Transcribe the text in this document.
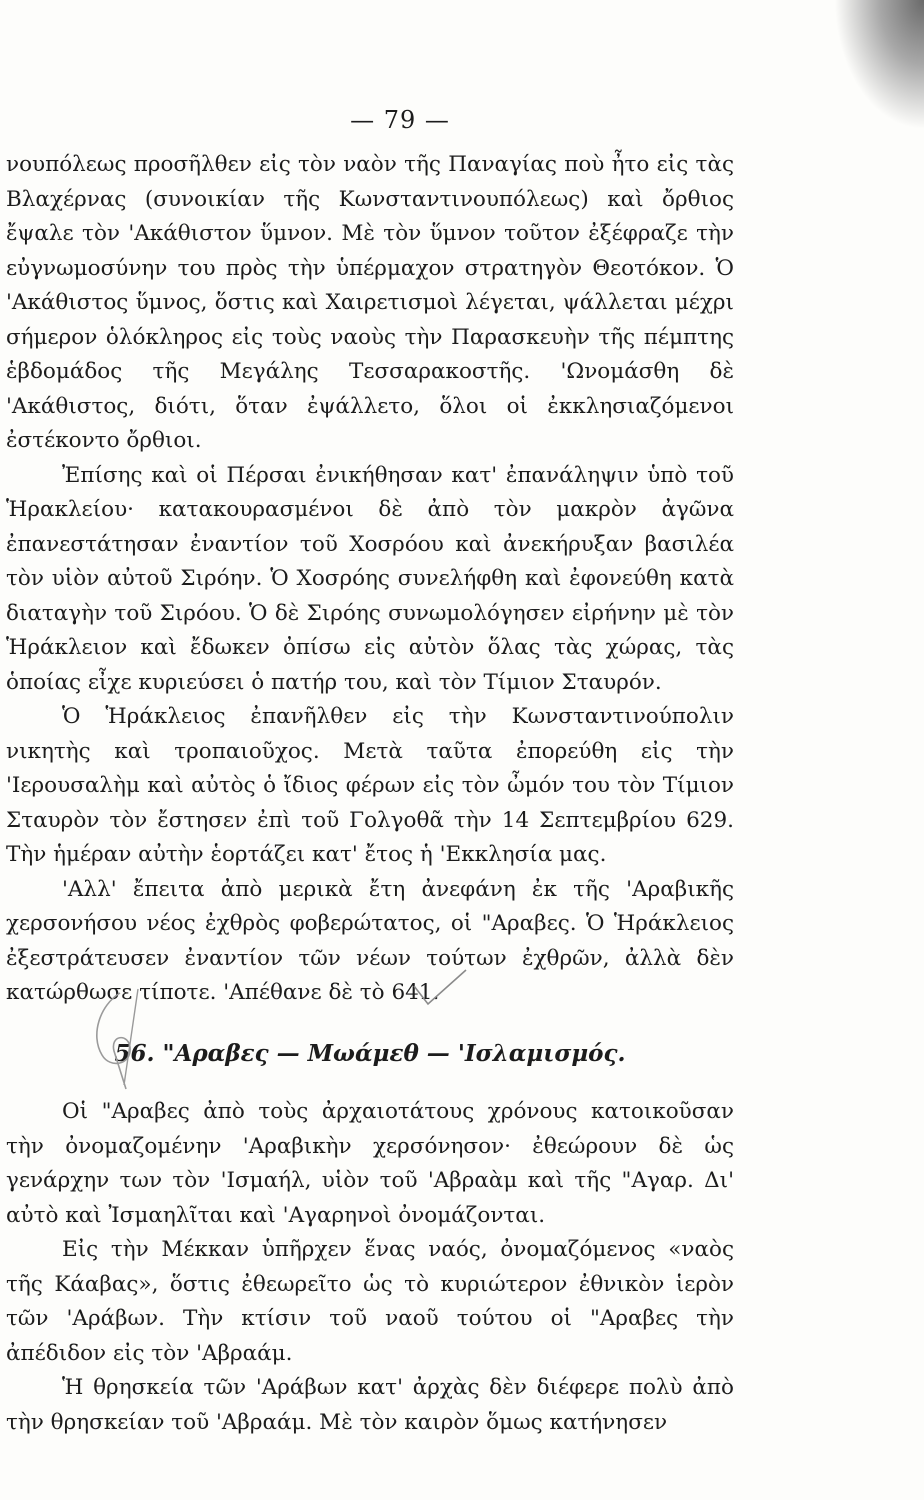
— 79 —

νουπόλεως προσῆλθεν εἰς τὸν ναὸν τῆς Παναγίας ποὺ ἦτο εἰς τὰς Βλαχέρνας (συνοικίαν τῆς Κωνσταντινουπόλεως) καὶ ὄρθιος ἔψαλε τὸν 'Ακάθιστον ὕμνον. Μὲ τὸν ὕμνον τοῦτον ἐξέφραζε τὴν εὐγνωμοσύνην του πρὸς τὴν ὑπέρμαχον στρατηγὸν Θεοτόκον. Ὁ 'Ακάθιστος ὕμνος, ὅστις καὶ Χαιρετισμοὶ λέγεται, ψάλλεται μέχρι σήμερον ὁλόκληρος εἰς τοὺς ναοὺς τὴν Παρασκευὴν τῆς πέμπτης ἑβδομάδος τῆς Μεγάλης Τεσσαρακοστῆς. 'Ωνομάσθη δὲ 'Ακάθιστος, διότι, ὅταν ἐψάλλετο, ὅλοι οἱ ἐκκλησιαζόμενοι ἐστέκοντο ὄρθιοι.

Ἐπίσης καὶ οἱ Πέρσαι ἐνικήθησαν κατ' ἐπανάληψιν ὑπὸ τοῦ Ἡρακλείου· κατακουρασμένοι δὲ ἀπὸ τὸν μακρὸν ἀγῶνα ἐπανεστάτησαν ἐναντίον τοῦ Χοσρόου καὶ ἀνεκήρυξαν βασιλέα τὸν υἱὸν αὐτοῦ Σιρόην. Ὁ Χοσρόης συνελήφθη καὶ ἐφονεύθη κατὰ διαταγὴν τοῦ Σιρόου. Ὁ δὲ Σιρόης συνωμολόγησεν εἰρήνην μὲ τὸν Ἡράκλειον καὶ ἔδωκεν ὀπίσω εἰς αὐτὸν ὅλας τὰς χώρας, τὰς ὁποίας εἶχε κυριεύσει ὁ πατήρ του, καὶ τὸν Τίμιον Σταυρόν.

Ὁ Ἡράκλειος ἐπανῆλθεν εἰς τὴν Κωνσταντινούπολιν νικητὴς καὶ τροπαιοῦχος. Μετὰ ταῦτα ἐπορεύθη εἰς τὴν 'Ιερουσαλὴμ καὶ αὐτὸς ὁ ἴδιος φέρων εἰς τὸν ὦμόν του τὸν Τίμιον Σταυρὸν τὸν ἔστησεν ἐπὶ τοῦ Γολγοθᾶ τὴν 14 Σεπτεμβρίου 629. Τὴν ἡμέραν αὐτὴν ἑορτάζει κατ' ἔτος ἡ 'Εκκλησία μας.

'Αλλ' ἔπειτα ἀπὸ μερικὰ ἔτη ἀνεφάνη ἐκ τῆς 'Αραβικῆς χερσονήσου νέος ἐχθρὸς φοβερώτατος, οἱ "Αραβες. Ὁ Ἡράκλειος ἐξεστράτευσεν ἐναντίον τῶν νέων τούτων ἐχθρῶν, ἀλλὰ δὲν κατώρθωσε τίποτε. 'Απέθανε δὲ τὸ 641.

56. "Αραβες — Μωάμεθ — 'Ισλαμισμός.

Οἱ "Αραβες ἀπὸ τοὺς ἀρχαιοτάτους χρόνους κατοικοῦσαν τὴν ὀνομαζομένην 'Αραβικὴν χερσόνησον· ἐθεώρουν δὲ ὡς γενάρχην των τὸν 'Ισμαήλ, υἱὸν τοῦ 'Αβραὰμ καὶ τῆς "Αγαρ. Δι' αὐτὸ καὶ Ἰσμαηλῖται καὶ 'Αγαρηνοὶ ὀνομάζονται.

Εἰς τὴν Μέκκαν ὑπῆρχεν ἕνας ναός, ὀνομαζόμενος «ναὸς τῆς Κάαβας», ὅστις ἐθεωρεῖτο ὡς τὸ κυριώτερον ἐθνικὸν ἱερὸν τῶν 'Αράβων. Τὴν κτίσιν τοῦ ναοῦ τούτου οἱ "Αραβες τὴν ἀπέδιδον εἰς τὸν 'Αβραάμ.

Ἡ θρησκεία τῶν 'Αράβων κατ' ἀρχὰς δὲν διέφερε πολὺ ἀπὸ τὴν θρησκείαν τοῦ 'Αβραάμ. Μὲ τὸν καιρὸν ὅμως κατήνησεν
